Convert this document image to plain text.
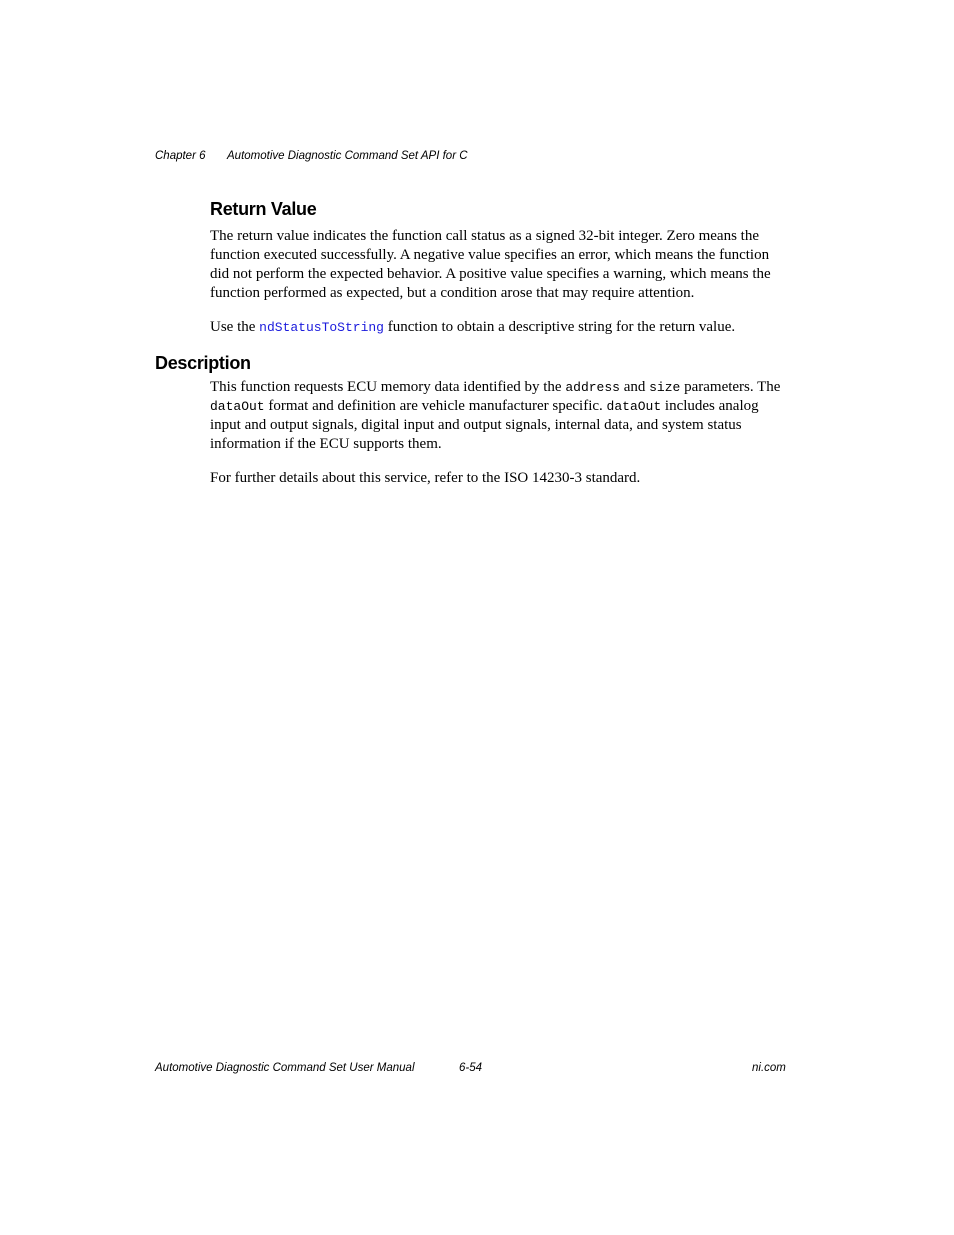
Chapter 6 Automotive Diagnostic Command Set API for C
Return Value

The return value indicates the function call status as a signed 32-bit integer. Zero means the function executed successfully. A negative value specifies an error, which means the function did not perform the expected behavior. A positive value specifies a warning, which means the function performed as expected, but a condition arose that may require attention.

Use the ndStatusToString function to obtain a descriptive string for the return value.

Description

This function requests ECU memory data identified by the address and size parameters. The dataOut format and definition are vehicle manufacturer specific. dataOut includes analog input and output signals, digital input and output signals, internal data, and system status information if the ECU supports them.

For further details about this service, refer to the ISO 14230-3 standard.

Automotive Diagnostic Command Set User Manual	6-54	ni.com
